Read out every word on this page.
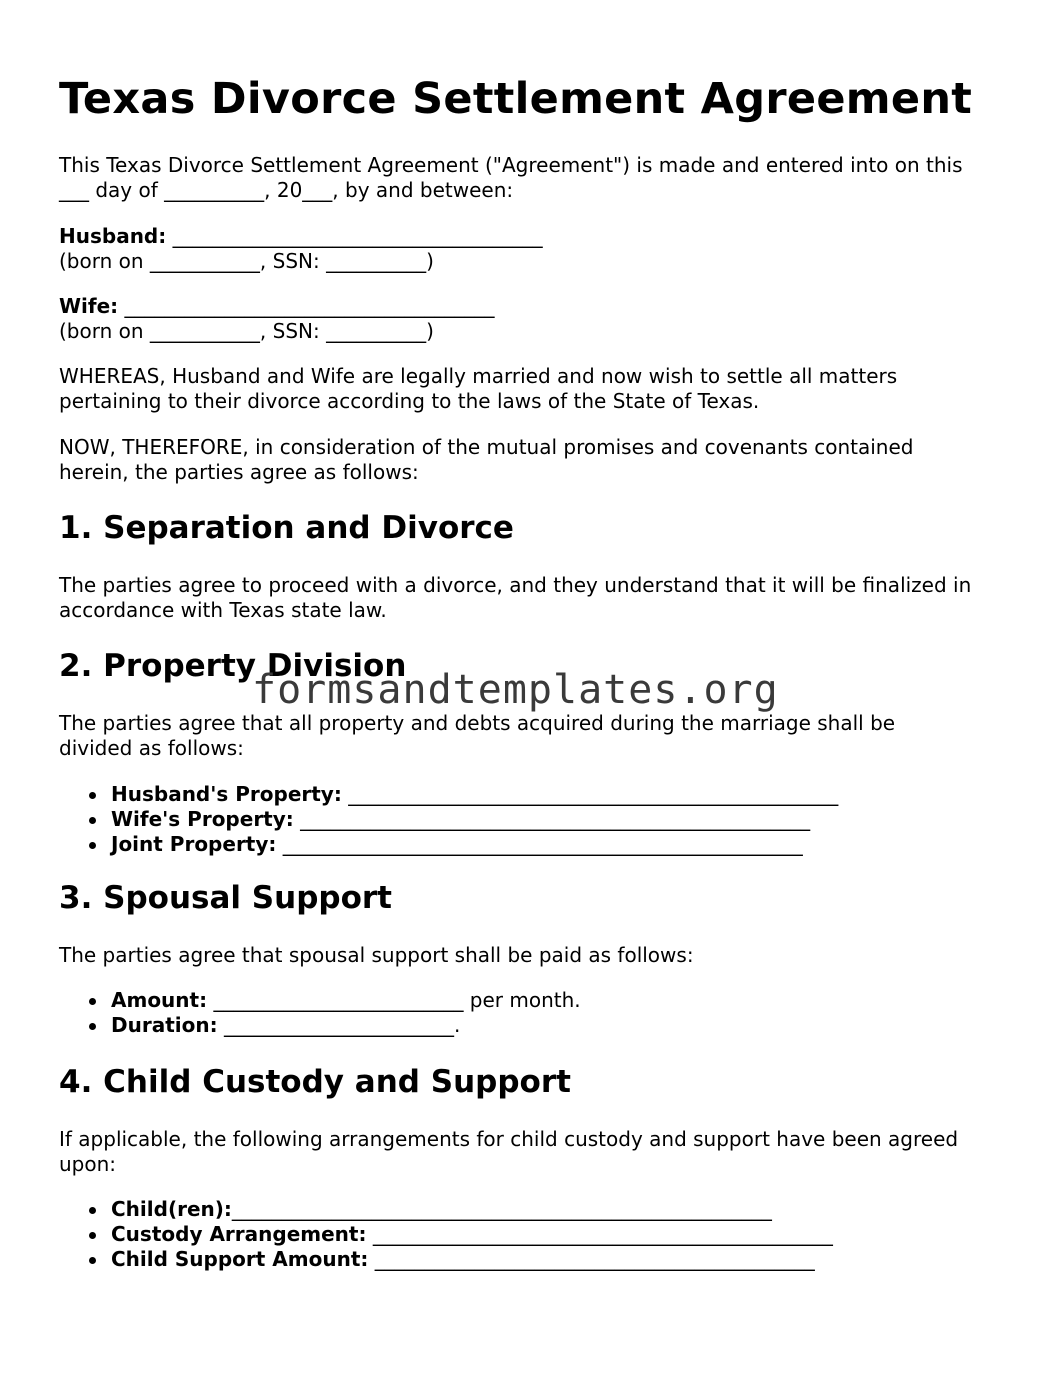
Texas Divorce Settlement Agreement

This Texas Divorce Settlement Agreement ("Agreement") is made and entered into on this
___ day of __________, 20___, by and between:

Husband: _____________________________________
(born on ___________, SSN: __________)

Wife: _____________________________________
(born on ___________, SSN: __________)

WHEREAS, Husband and Wife are legally married and now wish to settle all matters
pertaining to their divorce according to the laws of the State of Texas.

NOW, THEREFORE, in consideration of the mutual promises and covenants contained
herein, the parties agree as follows:

1. Separation and Divorce

The parties agree to proceed with a divorce, and they understand that it will be finalized in
accordance with Texas state law.

2. Property Division

The parties agree that all property and debts acquired during the marriage shall be
divided as follows:

Husband's Property: _________________________________________________
Wife's Property: ___________________________________________________
Joint Property: ____________________________________________________
3. Spousal Support

The parties agree that spousal support shall be paid as follows:

Amount: _________________________ per month.
Duration: _______________________.
4. Child Custody and Support

If applicable, the following arrangements for child custody and support have been agreed
upon:

Child(ren):______________________________________________________
Custody Arrangement: ______________________________________________
Child Support Amount: ____________________________________________
formsandtemplates.org
